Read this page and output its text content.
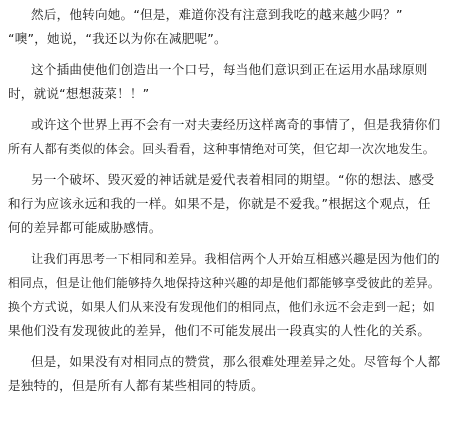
然后，他转向她。“但是，难道你没有注意到我吃的越来越少吗？”
“噢”，她说，“我还以为你在减肥呢”。
这个插曲使他们创造出一个口号，每当他们意识到正在运用水晶球原则
时，就说“想想菠菜！！”
或许这个世界上再不会有一对夫妻经历这样离奇的事情了，但是我猜你们
所有人都有类似的体会。回头看看，这种事情绝对可笑，但它却一次次地发生。
另一个破坏、毁灭爱的神话就是爱代表着相同的期望。“你的想法、感受
和行为应该永远和我的一样。如果不是，你就是不爱我。”根据这个观点，任
何的差异都可能威胁感情。
让我们再思考一下相同和差异。我相信两个人开始互相感兴趣是因为他们的
相同点，但是让他们能够持久地保持这种兴趣的却是他们都能够享受彼此的差异。
换个方式说，如果人们从来没有发现他们的相同点，他们永远不会走到一起；如
果他们没有发现彼此的差异，他们不可能发展出一段真实的人性化的关系。
但是，如果没有对相同点的赞赏，那么很难处理差异之处。尽管每个人都
是独特的，但是所有人都有某些相同的特质。
